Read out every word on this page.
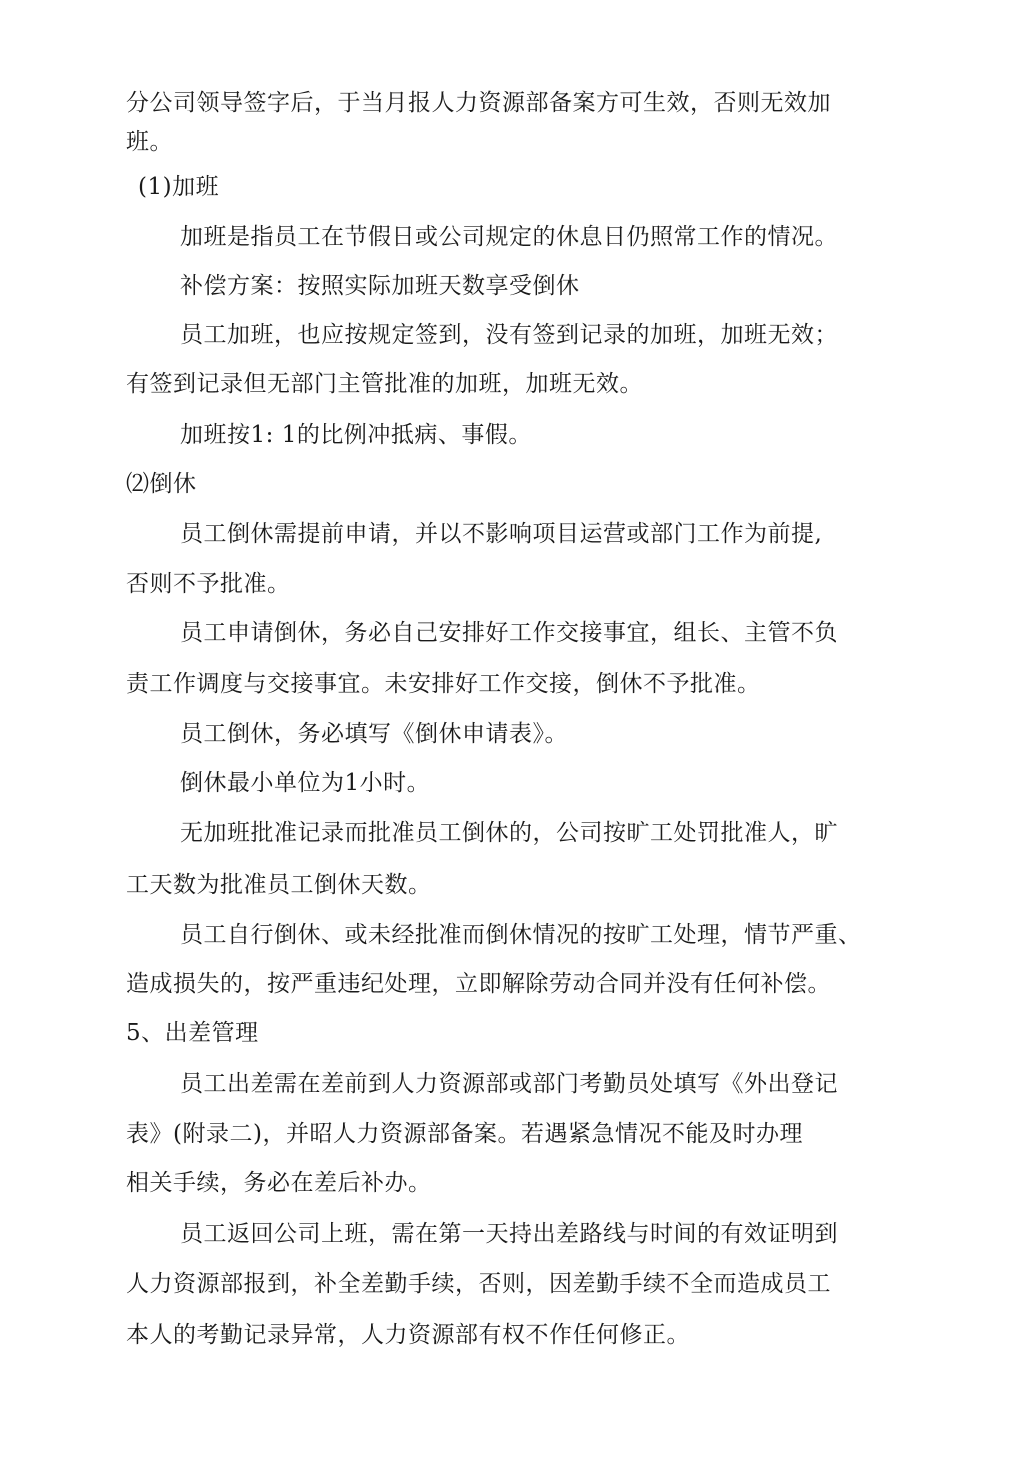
分公司领导签字后，于当月报人力资源部备案方可生效，否则无效加
班。
(1)加班
加班是指员工在节假日或公司规定的休息日仍照常工作的情况。
补偿方案：按照实际加班天数享受倒休
员工加班，也应按规定签到，没有签到记录的加班，加班无效；
有签到记录但无部门主管批准的加班，加班无效。
加班按1: 1的比例冲抵病、事假。
⑵倒休
员工倒休需提前申请，并以不影响项目运营或部门工作为前提,
否则不予批准。
员工申请倒休，务必自己安排好工作交接事宜，组长、主管不负
责工作调度与交接事宜。未安排好工作交接，倒休不予批准。
员工倒休，务必填写《倒休申请表》。
倒休最小单位为1小时。
无加班批准记录而批准员工倒休的，公司按旷工处罚批准人，旷
工天数为批准员工倒休天数。
员工自行倒休、或未经批准而倒休情况的按旷工处理，情节严重、
造成损失的，按严重违纪处理，立即解除劳动合同并没有任何补偿。
5、出差管理
员工出差需在差前到人力资源部或部门考勤员处填写《外出登记
表》(附录二)，并昭人力资源部备案。若遇紧急情况不能及时办理
相关手续，务必在差后补办。
员工返回公司上班，需在第一天持出差路线与时间的有效证明到
人力资源部报到，补全差勤手续，否则，因差勤手续不全而造成员工
本人的考勤记录异常，人力资源部有权不作任何修正。
